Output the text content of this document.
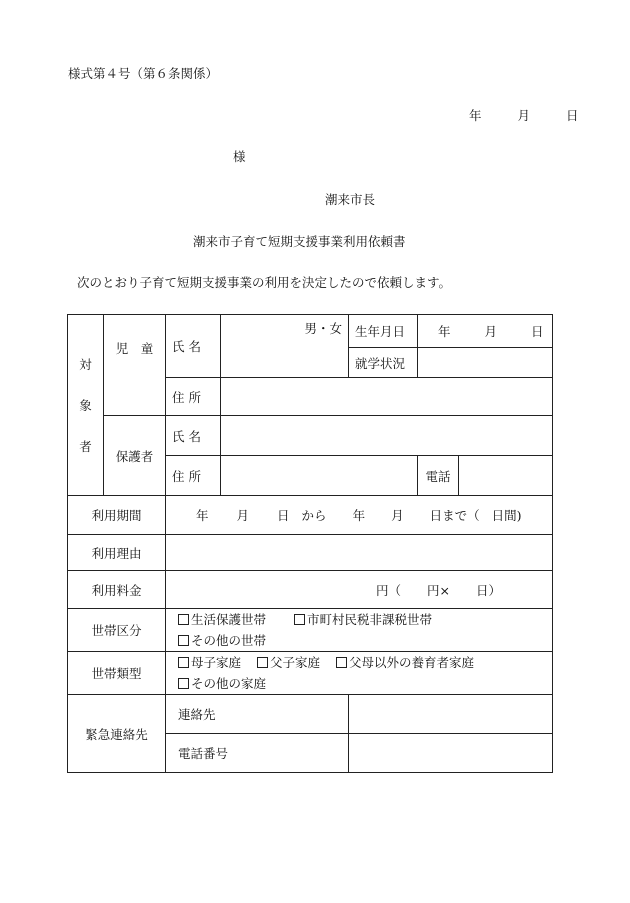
様式第４号（第６条関係）
年	月	日
様
潮来市長
潮来市子育て短期支援事業利用依頼書
次のとおり子育て短期支援事業の利用を決定したので依頼します。
対
象
者	児　童	氏 名	男・女	生年月日	年 月 日	
				就学状況		
		住 所				
	保護者	氏 名				
		住 所			電話	
利用期間		年 月 日 から 年 月 日まで（ 日間)				
利用理由						
利用料金		円（ 円× 日）				
世帯区分		生活保護世帯 市町村民税非課税世帯
その他の世帯				

世帯類型		母子家庭 父子家庭 父母以外の養育者家庭
その他の家庭				

緊急連絡先		連絡先				
		電話番号				
